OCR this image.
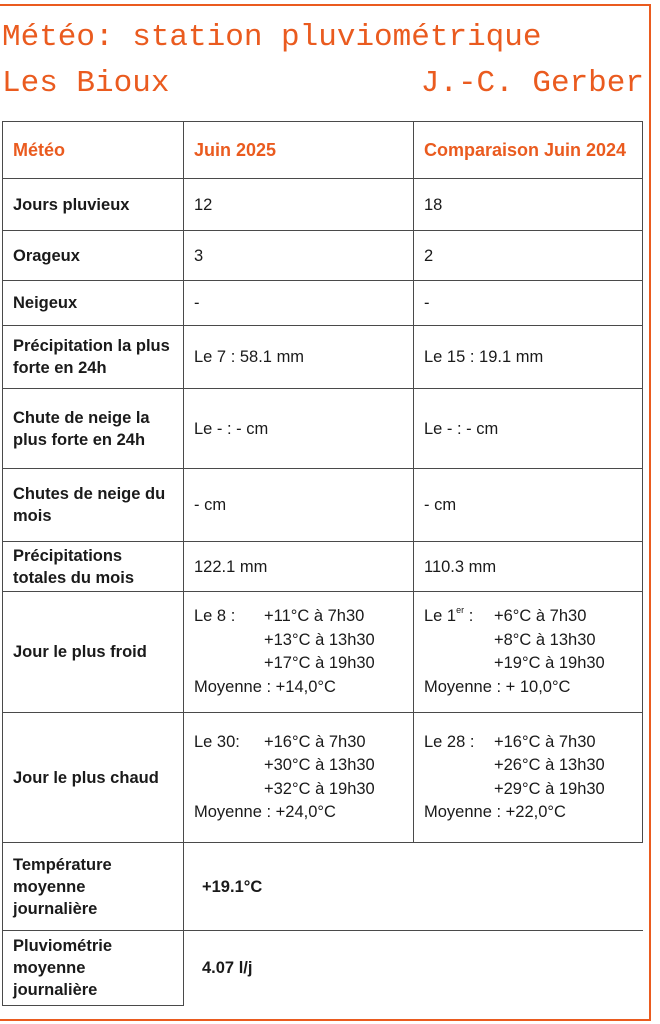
Météo: station pluviométrique
Les Bioux	J.-C. Gerber
Météo	Juin 2025	Comparaison Juin 2024
Jours pluvieux	12	18
Orageux	3	2
Neigeux	-	-
Précipitation la plus forte en 24h	Le 7 : 58.1 mm	Le 15 : 19.1 mm
Chute de neige la plus forte en 24h	Le - : - cm	Le - : - cm
Chutes de neige du mois	- cm	- cm
Précipitations totales du mois	122.1 mm	110.3 mm
Jour le plus froid	Le 8 : +11°C à 7h30
+13°C à 13h30
+17°C à 19h30
Moyenne : +14,0°C	Le 1er : +6°C à 7h30
+8°C à 13h30
+19°C à 19h30
Moyenne : + 10,0°C

Jour le plus chaud	Le 30: +16°C à 7h30
+30°C à 13h30
+32°C à 19h30
Moyenne : +24,0°C	Le 28 : +16°C à 7h30
+26°C à 13h30
+29°C à 19h30
Moyenne : +22,0°C

Température moyenne journalière	+19.1°C	
Pluviométrie moyenne journalière	4.07 l/j	
